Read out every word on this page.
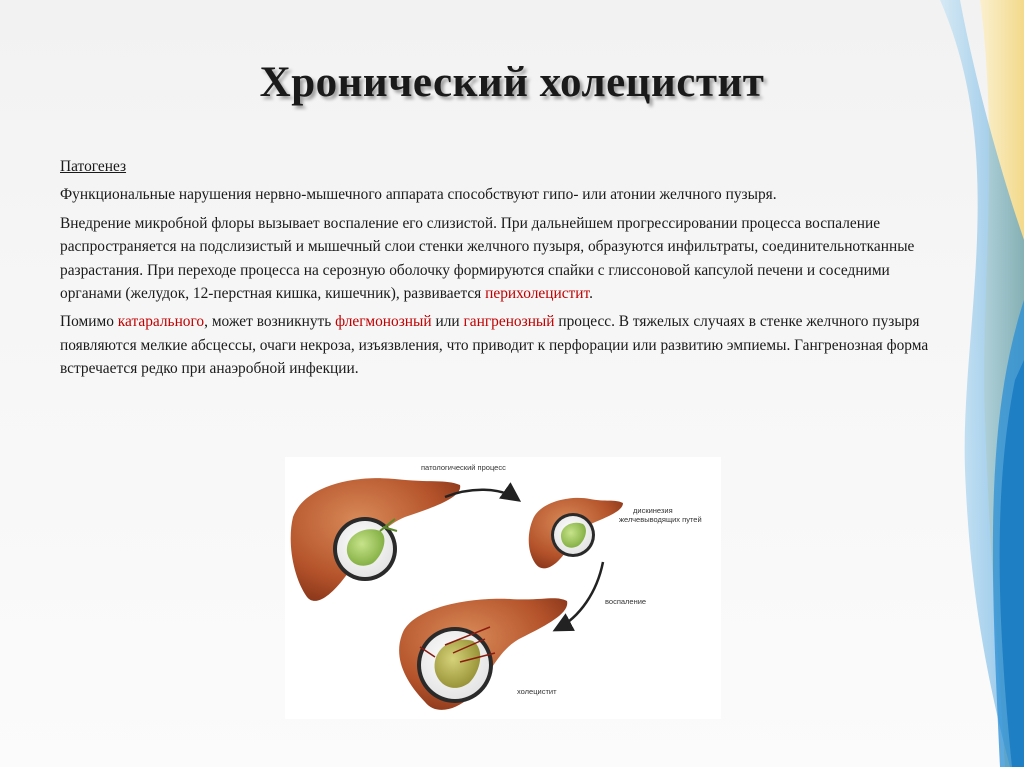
Хронический холецистит

Патогенез

Функциональные нарушения нервно-мышечного аппарата способствуют гипо- или атонии желчного пузыря.

Внедрение микробной флоры вызывает воспаление его слизистой. При дальнейшем прогрессировании процесса воспаление распространяется на подслизистый и мышечный слои стенки желчного пузыря, образуются инфильтраты, соединительнотканные разрастания. При переходе процесса на серозную оболочку формируются спайки с глиссоновой капсулой печени и соседними органами (желудок, 12-перстная кишка, кишечник), развивается перихолецистит.

Помимо катарального, может возникнуть флегмонозный или гангренозный процесс. В тяжелых случаях в стенке желчного пузыря появляются мелкие абсцессы, очаги некроза, изъязвления, что приводит к перфорации или развитию эмпиемы. Гангренозная форма встречается редко при анаэробной инфекции.

патологический процесс
дискинезия
желчевыводящих путей
воспаление
холецистит
